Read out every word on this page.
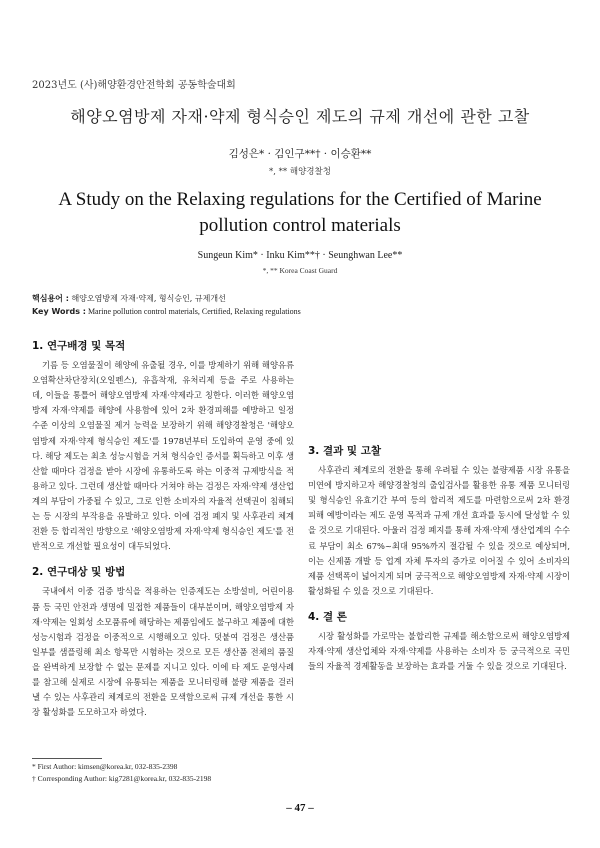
2023년도 (사)해양환경안전학회 공동학술대회
해양오염방제 자재·약제 형식승인 제도의 규제 개선에 관한 고찰
김성은* · 김인구**† · 이승환**
*, ** 해양경찰청
A Study on the Relaxing regulations for the Certified of Marine pollution control materials
Sungeun Kim* · Inku Kim**† · Seunghwan Lee**
*, ** Korea Coast Guard
핵심용어 : 해양오염방제 자재·약제, 형식승인, 규제개선
Key Words : Marine pollution control materials, Certified, Relaxing regulations
1. 연구배경 및 목적

기름 등 오염물질이 해양에 유출될 경우, 이를 방제하기 위해 해양유류오염확산차단장치(오일펜스), 유흡착재, 유처리제 등을 주로 사용하는 데, 이들을 통틀어 해양오염방제 자재·약제라고 칭한다. 이러한 해양오염방제 자재·약제를 해양에 사용함에 있어 2차 환경피해를 예방하고 일정 수준 이상의 오염물질 제거 능력을 보장하기 위해 해양경찰청은 '해양오염방제 자재·약제 형식승인 제도'를 1978년부터 도입하여 운영 중에 있다. 해당 제도는 최초 성능시험을 거쳐 형식승인 증서를 획득하고 이후 생산할 때마다 검정을 받아 시장에 유통하도록 하는 이중적 규제방식을 적용하고 있다. 그런데 생산할 때마다 거쳐야 하는 검정은 자재·약제 생산업계의 부담이 가중될 수 있고, 그로 인한 소비자의 자율적 선택권이 침해되는 등 시장의 부작용을 유발하고 있다. 이에 검정 폐지 및 사후관리 체계 전환 등 합리적인 방향으로 '해양오염방제 자재·약제 형식승인 제도'를 전반적으로 개선할 필요성이 대두되었다.

2. 연구대상 및 방법

국내에서 이중 검증 방식을 적용하는 인증제도는 소방설비, 어린이용품 등 국민 안전과 생명에 밀접한 제품들이 대부분이며, 해양오염방제 자재·약제는 일회성 소모품류에 해당하는 제품임에도 불구하고 제품에 대한 성능시험과 검정을 이중적으로 시행해오고 있다. 덧붙여 검정은 생산품 일부를 샘플링해 최소 항목만 시험하는 것으로 모든 생산품 전체의 품질을 완벽하게 보장할 수 없는 문제를 지니고 있다. 이에 타 제도 운영사례를 참고해 실제로 시장에 유통되는 제품을 모니터링해 불량 제품을 걸러낼 수 있는 사후관리 체계로의 전환을 모색함으로써 규제 개선을 통한 시장 활성화를 도모하고자 하였다.

3. 결과 및 고찰

사후관리 체계로의 전환을 통해 우려될 수 있는 불량제품 시장 유통을 미연에 방지하고자 해양경찰청의 출입검사를 활용한 유통 제품 모니터링 및 형식승인 유효기간 부여 등의 합리적 제도를 마련함으로써 2차 환경 피해 예방이라는 제도 운영 목적과 규제 개선 효과를 동시에 달성할 수 있을 것으로 기대된다. 아울러 검정 폐지를 통해 자재·약제 생산업계의 수수료 부담이 최소 67%~최대 95%까지 절감될 수 있을 것으로 예상되며, 이는 신제품 개발 등 업계 자체 투자의 증가로 이어질 수 있어 소비자의 제품 선택폭이 넓어지게 되며 궁극적으로 해양오염방제 자재·약제 시장이 활성화될 수 있을 것으로 기대된다.

4. 결 론

시장 활성화를 가로막는 불합리한 규제를 해소함으로써 해양오염방제 자재·약제 생산업체와 자재·약제를 사용하는 소비자 등 궁극적으로 국민들의 자율적 경제활동을 보장하는 효과를 거둘 수 있을 것으로 기대된다.

* First Author: kimsen@korea.kr, 032-835-2398
† Corresponding Author: kig7281@korea.kr, 032-835-2198
– 47 –
